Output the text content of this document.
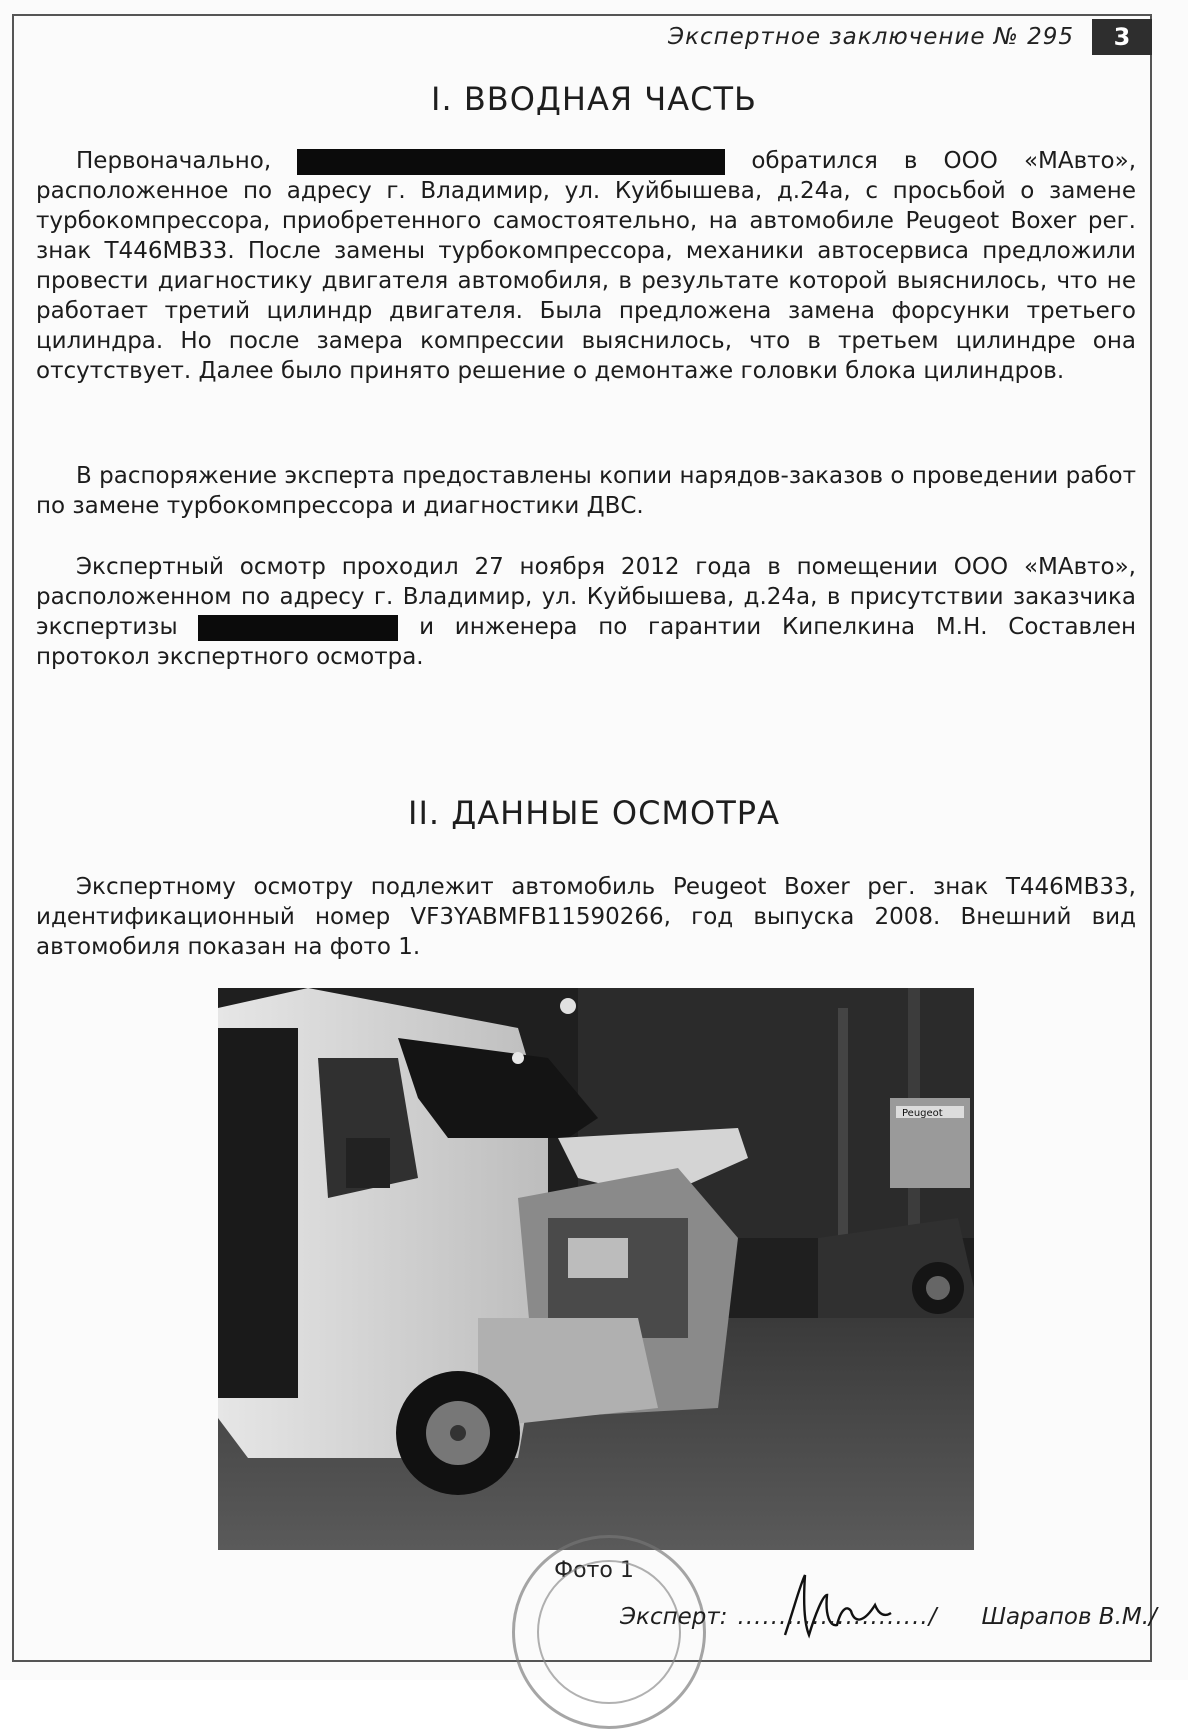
Экспертное заключение № 295	3
I. ВВОДНАЯ ЧАСТЬ

Первоначально,	обратился в ООО «МАвто», расположенное по адресу г. Владимир, ул. Куйбышева, д.24а, с просьбой о замене турбокомпрессора, приобретенного самостоятельно, на автомобиле Peugeot Boxer рег. знак Т446МВ33. После замены турбокомпрессора, механики автосервиса предложили провести диагностику двигателя автомобиля, в результате которой выяснилось, что не работает третий цилиндр двигателя. Была предложена замена форсунки третьего цилиндра. Но после замера компрессии выяснилось, что в третьем цилиндре она отсутствует. Далее было принято решение о демонтаже головки блока цилиндров.

В распоряжение эксперта предоставлены копии нарядов-заказов о проведении работ по замене турбокомпрессора и диагностики ДВС.

Экспертный осмотр проходил 27 ноября 2012 года в помещении ООО «МАвто», расположенном по адресу г. Владимир, ул. Куйбышева, д.24а, в присутствии заказчика экспертизы	и инженера по гарантии Кипелкина М.Н. Составлен протокол экспертного осмотра.

II. ДАННЫЕ ОСМОТРА

Экспертному осмотру подлежит автомобиль Peugeot Boxer рег. знак Т446МВ33, идентификационный номер VF3YABMFB11590266, год выпуска 2008. Внешний вид автомобиля показан на фото 1.

Peugeot
Фото 1
Эксперт: ......................./ Шарапов В.М./
